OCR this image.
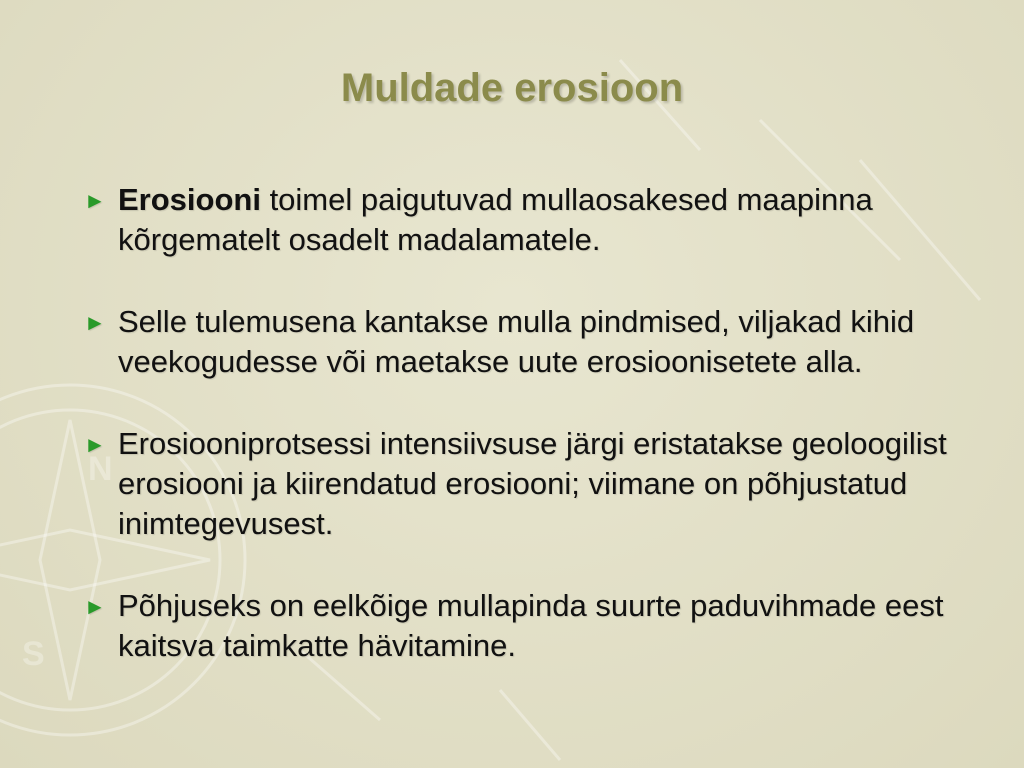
N
S
Muldade erosioon
► Erosiooni toimel paigutuvad mullaosakesed maapinna kõrgematelt osadelt madalamatele.
► Selle tulemusena kantakse mulla pindmised, viljakad kihid veekogudesse või maetakse uute erosioonisetete alla.
► Erosiooniprotsessi intensiivsuse järgi eristatakse geoloogilist erosiooni ja kiirendatud erosiooni; viimane on põhjustatud inimtegevusest.
► Põhjuseks on eelkõige mullapinda suurte paduvihmade eest kaitsva taimkatte hävitamine.
